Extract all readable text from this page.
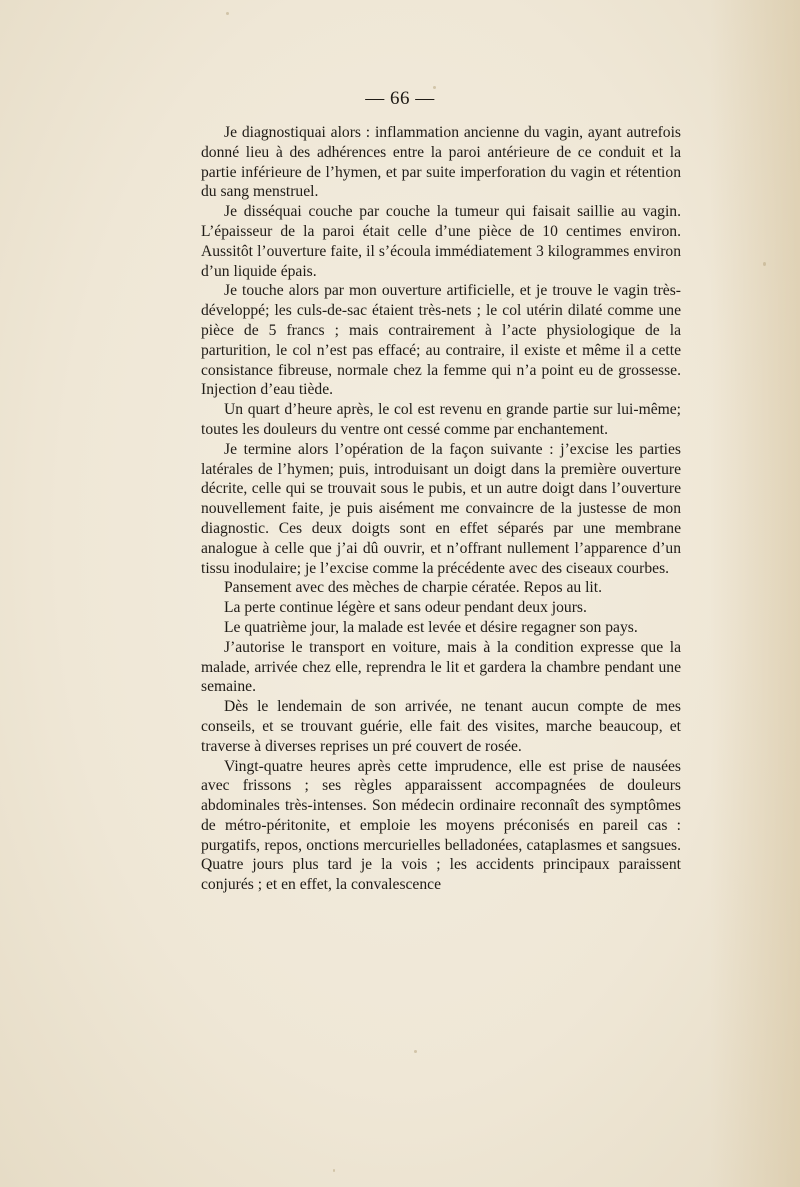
— 66 —

Je diagnostiquai alors : inflammation ancienne du vagin, ayant autrefois donné lieu à des adhérences entre la paroi antérieure de ce conduit et la partie inférieure de l’hymen, et par suite imperforation du vagin et rétention du sang menstruel.

Je disséquai couche par couche la tumeur qui faisait saillie au vagin. L’épaisseur de la paroi était celle d’une pièce de 10 centimes environ. Aussitôt l’ouverture faite, il s’écoula immédiatement 3 kilogrammes environ d’un liquide épais.

Je touche alors par mon ouverture artificielle, et je trouve le vagin très-développé; les culs-de-sac étaient très-nets ; le col utérin dilaté comme une pièce de 5 francs ; mais contrairement à l’acte physiologique de la parturition, le col n’est pas effacé; au contraire, il existe et même il a cette consistance fibreuse, normale chez la femme qui n’a point eu de grossesse. Injection d’eau tiède.

Un quart d’heure après, le col est revenu en grande partie sur lui-même; toutes les douleurs du ventre ont cessé comme par enchantement.

Je termine alors l’opération de la façon suivante : j’excise les parties latérales de l’hymen; puis, introduisant un doigt dans la première ouverture décrite, celle qui se trouvait sous le pubis, et un autre doigt dans l’ouverture nouvellement faite, je puis aisément me convaincre de la justesse de mon diagnostic. Ces deux doigts sont en effet séparés par une membrane analogue à celle que j’ai dû ouvrir, et n’offrant nullement l’apparence d’un tissu inodulaire; je l’excise comme la précédente avec des ciseaux courbes.

Pansement avec des mèches de charpie cératée. Repos au lit.

La perte continue légère et sans odeur pendant deux jours.

Le quatrième jour, la malade est levée et désire regagner son pays.

J’autorise le transport en voiture, mais à la condition expresse que la malade, arrivée chez elle, reprendra le lit et gardera la chambre pendant une semaine.

Dès le lendemain de son arrivée, ne tenant aucun compte de mes conseils, et se trouvant guérie, elle fait des visites, marche beaucoup, et traverse à diverses reprises un pré couvert de rosée.

Vingt-quatre heures après cette imprudence, elle est prise de nausées avec frissons ; ses règles apparaissent accompagnées de douleurs abdominales très-intenses. Son médecin ordinaire reconnaît des symptômes de métro-péritonite, et emploie les moyens préconisés en pareil cas : purgatifs, repos, onctions mercurielles belladonées, cataplasmes et sangsues. Quatre jours plus tard je la vois ; les accidents principaux paraissent conjurés ; et en effet, la convalescence
